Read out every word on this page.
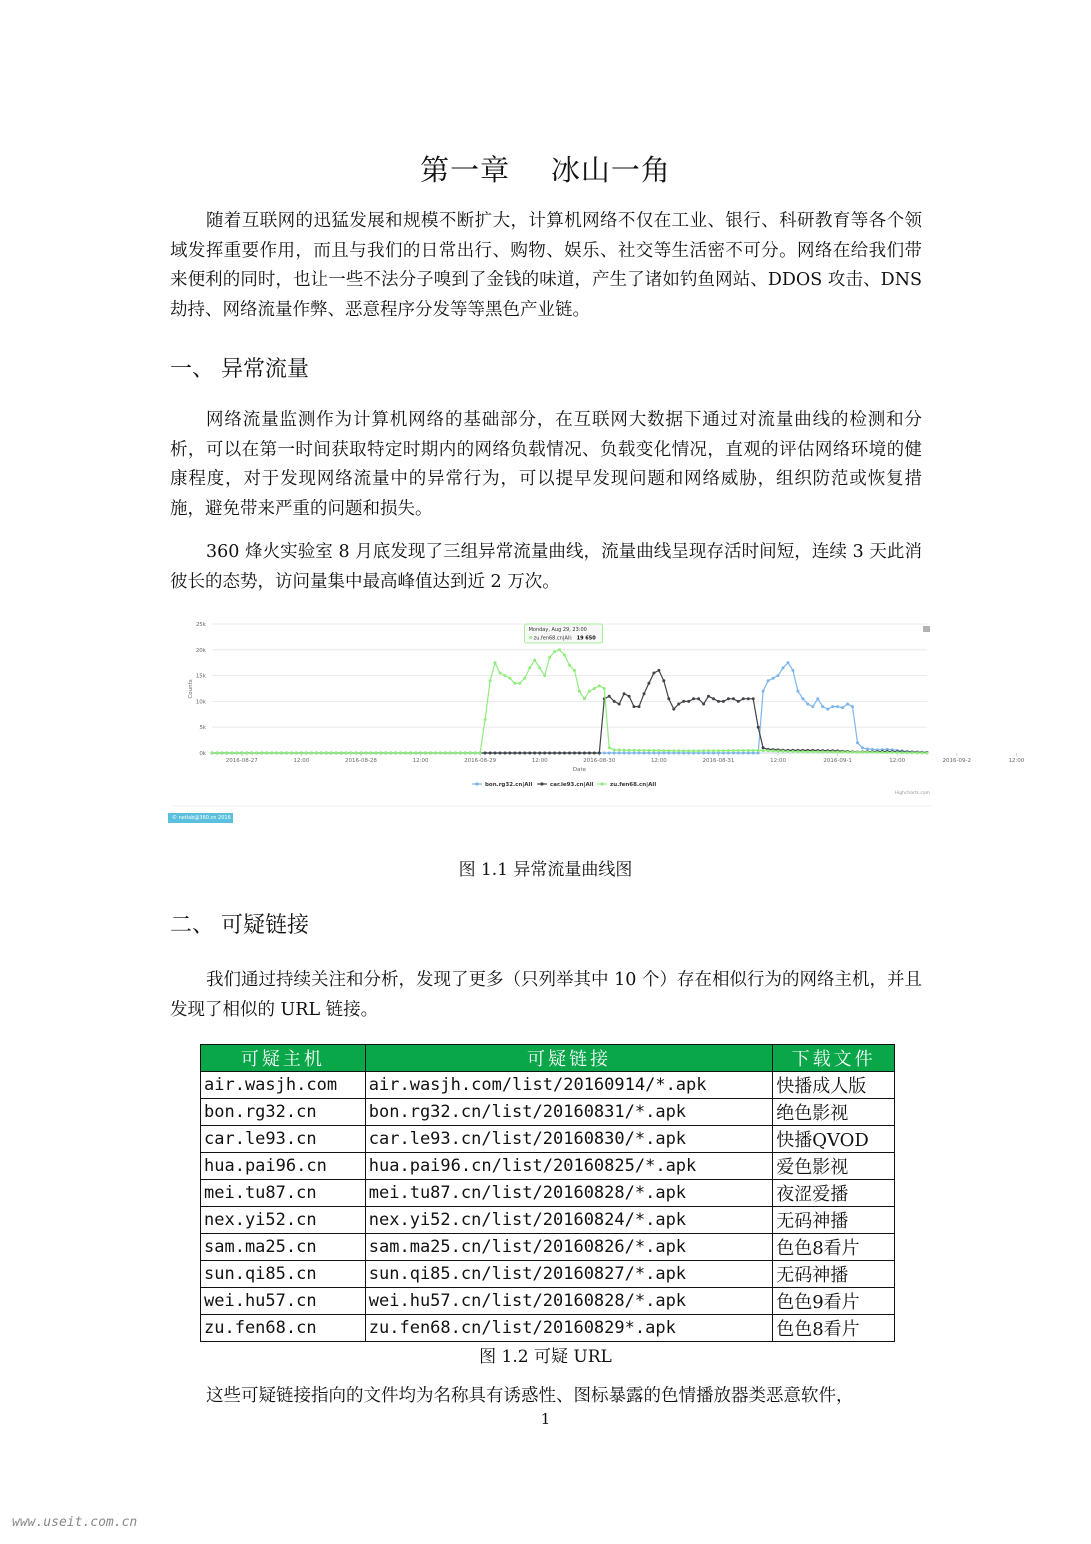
第一章    冰山一角

随着互联网的迅猛发展和规模不断扩大，计算机网络不仅在工业、银行、科研教育等各个领域发挥重要作用，而且与我们的日常出行、购物、娱乐、社交等生活密不可分。网络在给我们带来便利的同时，也让一些不法分子嗅到了金钱的味道，产生了诸如钓鱼网站、DDOS 攻击、DNS 劫持、网络流量作弊、恶意程序分发等等黑色产业链。

一、 异常流量

网络流量监测作为计算机网络的基础部分，在互联网大数据下通过对流量曲线的检测和分析，可以在第一时间获取特定时期内的网络负载情况、负载变化情况，直观的评估网络环境的健康程度，对于发现网络流量中的异常行为，可以提早发现问题和网络威胁，组织防范或恢复措施，避免带来严重的问题和损失。

360 烽火实验室 8 月底发现了三组异常流量曲线，流量曲线呈现存活时间短，连续 3 天此消彼长的态势，访问量集中最高峰值达到近 2 万次。

0k
5k
10k
15k
20k
25k
2016-08-27	12:00	2016-08-28	12:00	2016-08-29	12:00	2016-08-30	12:00	2016-08-31	12:00	2016-09-1	12:00	2016-09-2	12:00
Date
Counts
bon.rg32.cn|All	car.le93.cn|All	zu.fen68.cn|All
Monday, Aug 29, 23:00
zu.fen68.cn|All: 19 650
Highcharts.com
© netlab@360.cn 2016
图 1.1 异常流量曲线图
二、 可疑链接

我们通过持续关注和分析，发现了更多（只列举其中 10 个）存在相似行为的网络主机，并且发现了相似的 URL 链接。

可疑主机	可疑链接	下载文件
air.wasjh.com	air.wasjh.com/list/20160914/*.apk	快播成人版
bon.rg32.cn	bon.rg32.cn/list/20160831/*.apk	绝色影视
car.le93.cn	car.le93.cn/list/20160830/*.apk	快播QVOD
hua.pai96.cn	hua.pai96.cn/list/20160825/*.apk	爱色影视
mei.tu87.cn	mei.tu87.cn/list/20160828/*.apk	夜涩爱播
nex.yi52.cn	nex.yi52.cn/list/20160824/*.apk	无码神播
sam.ma25.cn	sam.ma25.cn/list/20160826/*.apk	色色8看片
sun.qi85.cn	sun.qi85.cn/list/20160827/*.apk	无码神播
wei.hu57.cn	wei.hu57.cn/list/20160828/*.apk	色色9看片
zu.fen68.cn	zu.fen68.cn/list/20160829*.apk	色色8看片
图 1.2 可疑 URL

这些可疑链接指向的文件均为名称具有诱惑性、图标暴露的色情播放器类恶意软件，

1
www.useit.com.cn
